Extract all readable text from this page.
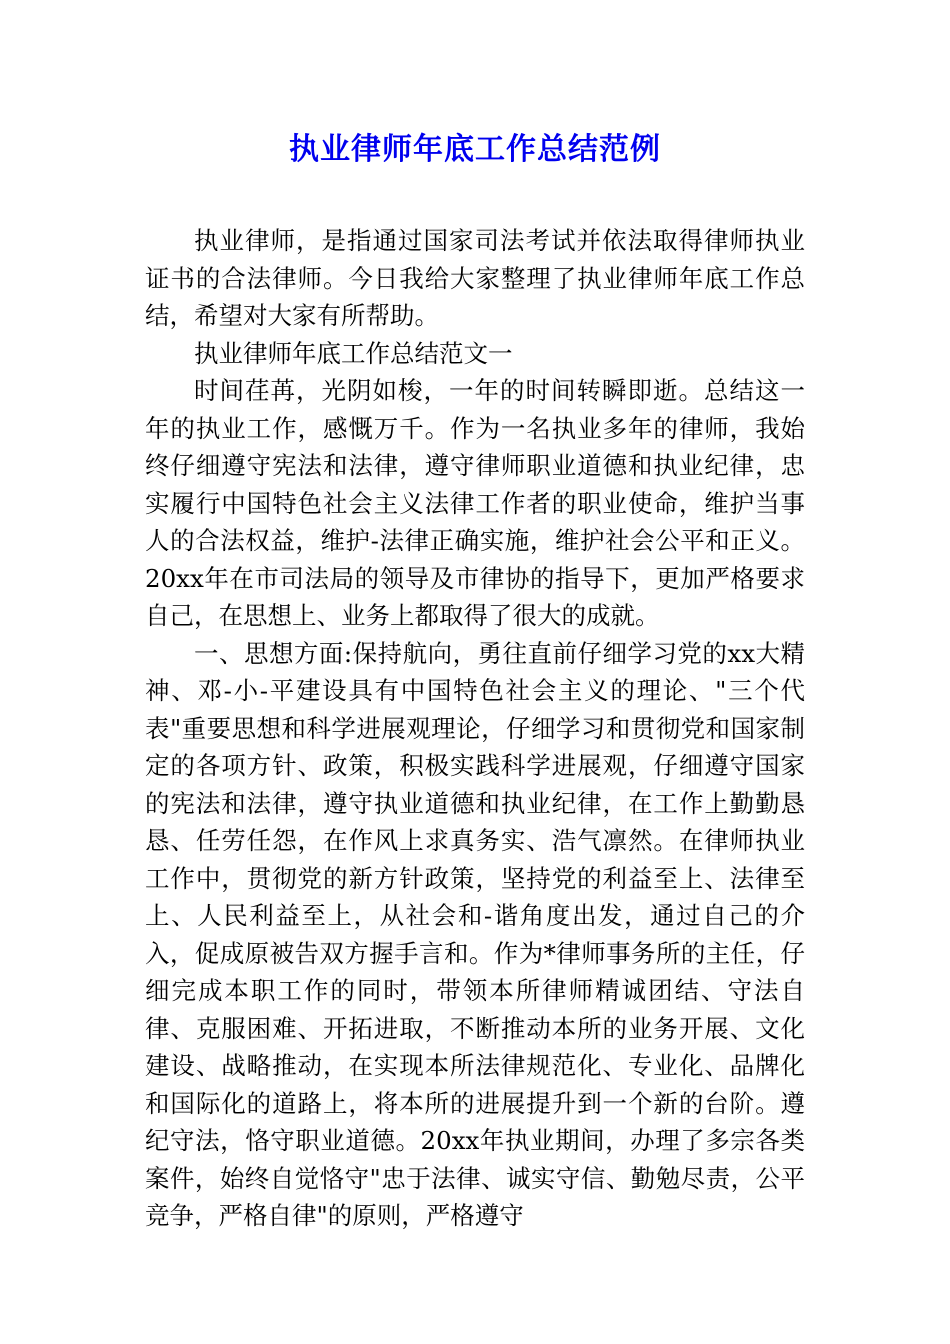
执业律师年底工作总结范例

执业律师，是指通过国家司法考试并依法取得律师执业证书的合法律师。今日我给大家整理了执业律师年底工作总结，希望对大家有所帮助。

执业律师年底工作总结范文一

时间荏苒，光阴如梭，一年的时间转瞬即逝。总结这一年的执业工作，感慨万千。作为一名执业多年的律师，我始终仔细遵守宪法和法律，遵守律师职业道德和执业纪律，忠实履行中国特色社会主义法律工作者的职业使命，维护当事人的合法权益，维护-法律正确实施，维护社会公平和正义。20xx年在市司法局的领导及市律协的指导下，更加严格要求自己，在思想上、业务上都取得了很大的成就。

一、思想方面:保持航向，勇往直前仔细学习党的xx大精神、邓-小-平建设具有中国特色社会主义的理论、"三个代表"重要思想和科学进展观理论，仔细学习和贯彻党和国家制定的各项方针、政策，积极实践科学进展观，仔细遵守国家的宪法和法律，遵守执业道德和执业纪律，在工作上勤勤恳恳、任劳任怨，在作风上求真务实、浩气凛然。在律师执业工作中，贯彻党的新方针政策，坚持党的利益至上、法律至上、人民利益至上，从社会和-谐角度出发，通过自己的介入，促成原被告双方握手言和。作为*律师事务所的主任，仔细完成本职工作的同时，带领本所律师精诚团结、守法自律、克服困难、开拓进取，不断推动本所的业务开展、文化建设、战略推动，在实现本所法律规范化、专业化、品牌化和国际化的道路上，将本所的进展提升到一个新的台阶。遵纪守法，恪守职业道德。20xx年执业期间，办理了多宗各类案件，始终自觉恪守"忠于法律、诚实守信、勤勉尽责，公平竞争，严格自律"的原则，严格遵守
